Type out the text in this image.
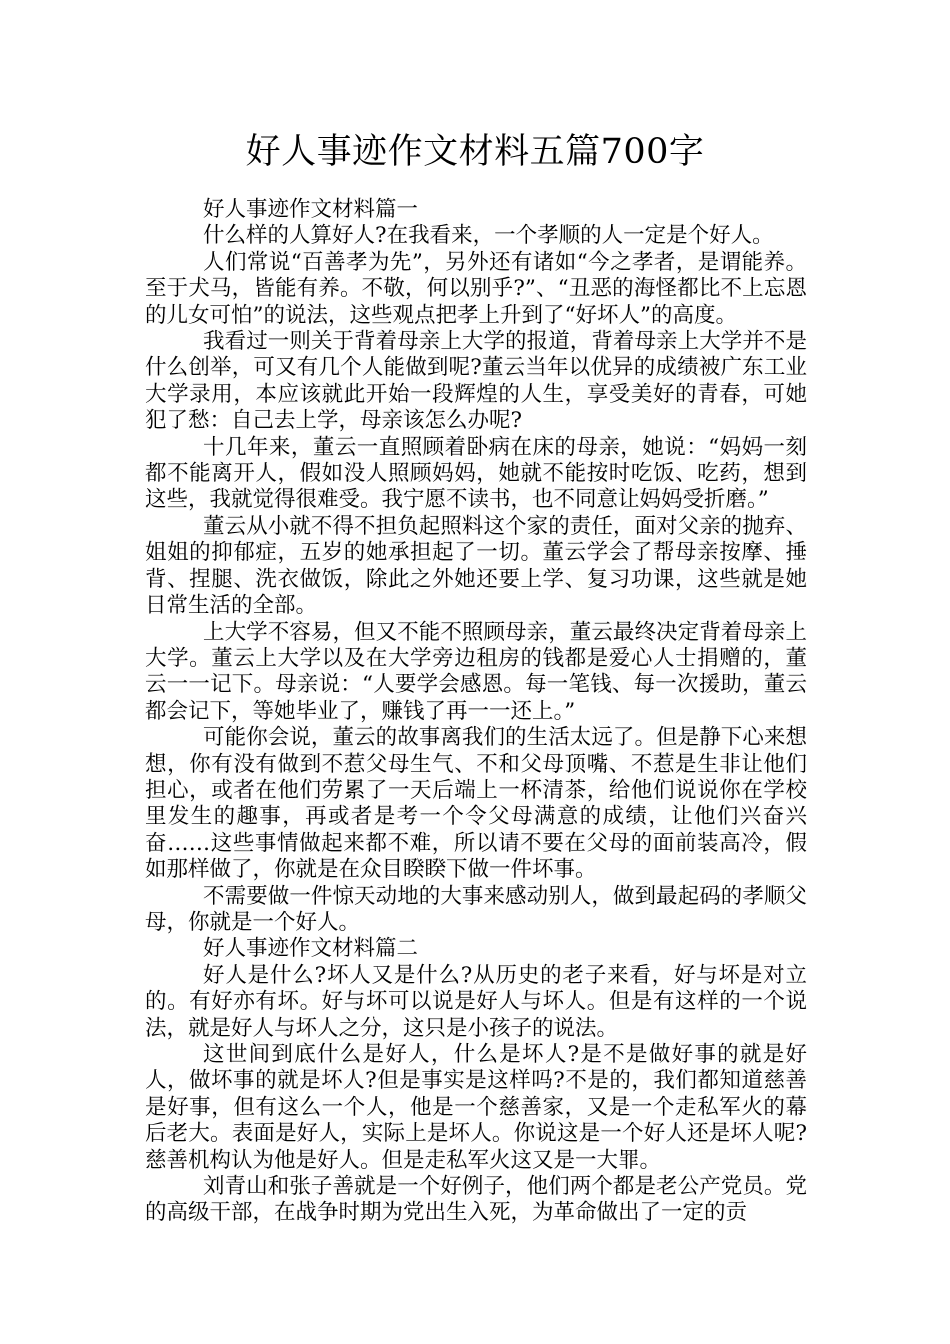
好人事迹作文材料五篇700字

好人事迹作文材料篇一

什么样的人算好人?在我看来，一个孝顺的人一定是个好人。

人们常说“百善孝为先”，另外还有诸如“今之孝者，是谓能养。至于犬马，皆能有养。不敬，何以别乎?”、“丑恶的海怪都比不上忘恩的儿女可怕”的说法，这些观点把孝上升到了“好坏人”的高度。

我看过一则关于背着母亲上大学的报道，背着母亲上大学并不是什么创举，可又有几个人能做到呢?董云当年以优异的成绩被广东工业大学录用，本应该就此开始一段辉煌的人生，享受美好的青春，可她犯了愁：自己去上学，母亲该怎么办呢?

十几年来，董云一直照顾着卧病在床的母亲，她说：“妈妈一刻都不能离开人，假如没人照顾妈妈，她就不能按时吃饭、吃药，想到这些，我就觉得很难受。我宁愿不读书，也不同意让妈妈受折磨。”

董云从小就不得不担负起照料这个家的责任，面对父亲的抛弃、姐姐的抑郁症，五岁的她承担起了一切。董云学会了帮母亲按摩、捶背、捏腿、洗衣做饭，除此之外她还要上学、复习功课，这些就是她日常生活的全部。

上大学不容易，但又不能不照顾母亲，董云最终决定背着母亲上大学。董云上大学以及在大学旁边租房的钱都是爱心人士捐赠的，董云一一记下。母亲说：“人要学会感恩。每一笔钱、每一次援助，董云都会记下，等她毕业了，赚钱了再一一还上。”

可能你会说，董云的故事离我们的生活太远了。但是静下心来想想，你有没有做到不惹父母生气、不和父母顶嘴、不惹是生非让他们担心，或者在他们劳累了一天后端上一杯清茶，给他们说说你在学校里发生的趣事，再或者是考一个令父母满意的成绩，让他们兴奋兴奋……这些事情做起来都不难，所以请不要在父母的面前装高冷，假如那样做了，你就是在众目睽睽下做一件坏事。

不需要做一件惊天动地的大事来感动别人，做到最起码的孝顺父母，你就是一个好人。

好人事迹作文材料篇二

好人是什么?坏人又是什么?从历史的老子来看，好与坏是对立的。有好亦有坏。好与坏可以说是好人与坏人。但是有这样的一个说法，就是好人与坏人之分，这只是小孩子的说法。

这世间到底什么是好人，什么是坏人?是不是做好事的就是好人，做坏事的就是坏人?但是事实是这样吗?不是的，我们都知道慈善是好事，但有这么一个人，他是一个慈善家，又是一个走私军火的幕后老大。表面是好人，实际上是坏人。你说这是一个好人还是坏人呢?慈善机构认为他是好人。但是走私军火这又是一大罪。

刘青山和张子善就是一个好例子，他们两个都是老公产党员。党的高级干部，在战争时期为党出生入死，为革命做出了一定的贡
